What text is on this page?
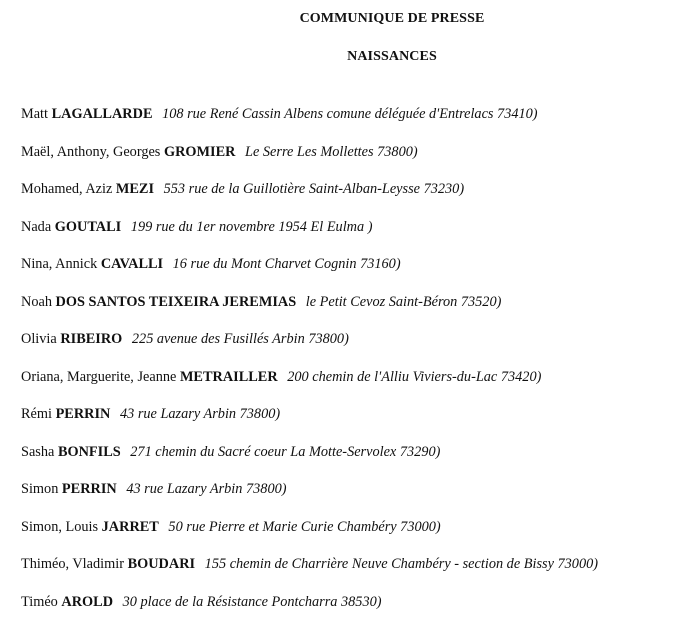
COMMUNIQUE DE PRESSE
NAISSANCES
Matt LAGALLARDE 108 rue René Cassin Albens comune déléguée d'Entrelacs 73410)
Maël, Anthony, Georges GROMIER Le Serre Les Mollettes 73800)
Mohamed, Aziz MEZI 553 rue de la Guillotière Saint-Alban-Leysse 73230)
Nada GOUTALI 199 rue du 1er novembre 1954 El Eulma )
Nina, Annick CAVALLI 16 rue du Mont Charvet Cognin 73160)
Noah DOS SANTOS TEIXEIRA JEREMIAS le Petit Cevoz Saint-Béron 73520)
Olivia RIBEIRO 225 avenue des Fusillés Arbin 73800)
Oriana, Marguerite, Jeanne METRAILLER 200 chemin de l'Alliu Viviers-du-Lac 73420)
Rémi PERRIN 43 rue Lazary Arbin 73800)
Sasha BONFILS 271 chemin du Sacré coeur La Motte-Servolex 73290)
Simon PERRIN 43 rue Lazary Arbin 73800)
Simon, Louis JARRET 50 rue Pierre et Marie Curie Chambéry 73000)
Thiméo, Vladimir BOUDARI 155 chemin de Charrière Neuve Chambéry - section de Bissy 73000)
Timéo AROLD 30 place de la Résistance Pontcharra 38530)
